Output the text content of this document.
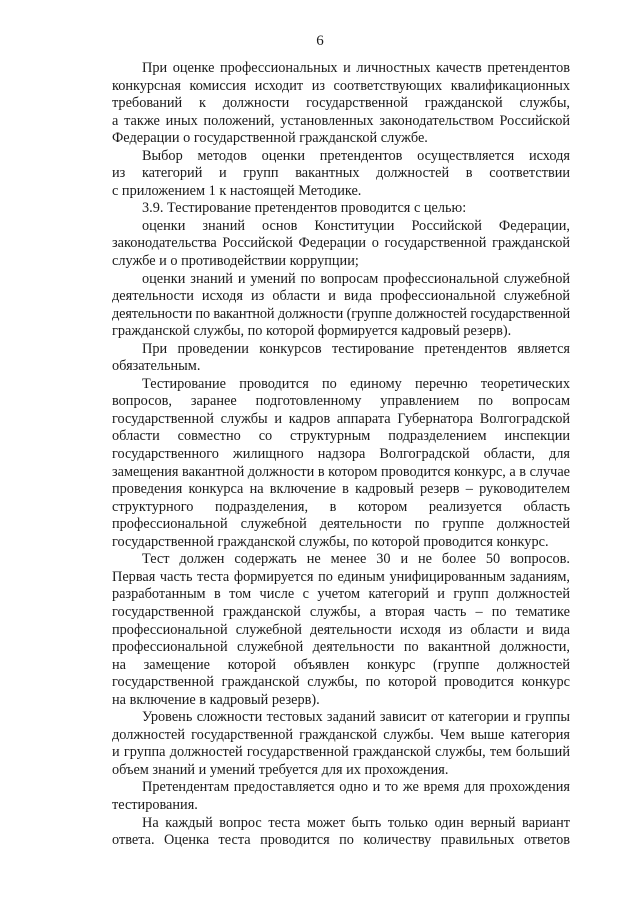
6
При оценке профессиональных и личностных качеств претендентов
конкурсная комиссия исходит из соответствующих квалификационных
требований к должности государственной гражданской службы,
а также иных положений, установленных законодательством Российской
Федерации о государственной гражданской службе.
Выбор методов оценки претендентов осуществляется исходя
из категорий и групп вакантных должностей в соответствии
с приложением 1 к настоящей Методике.
3.9. Тестирование претендентов проводится с целью:
оценки знаний основ Конституции Российской Федерации,
законодательства Российской Федерации о государственной гражданской
службе и о противодействии коррупции;
оценки знаний и умений по вопросам профессиональной служебной
деятельности исходя из области и вида профессиональной служебной
деятельности по вакантной должности (группе должностей государственной
гражданской службы, по которой формируется кадровый резерв).
При проведении конкурсов тестирование претендентов является
обязательным.
Тестирование проводится по единому перечню теоретических
вопросов, заранее подготовленному управлением по вопросам
государственной службы и кадров аппарата Губернатора Волгоградской
области совместно со структурным подразделением инспекции
государственного жилищного надзора Волгоградской области, для
замещения вакантной должности в котором проводится конкурс, а в случае
проведения конкурса на включение в кадровый резерв – руководителем
структурного подразделения, в котором реализуется область
профессиональной служебной деятельности по группе должностей
государственной гражданской службы, по которой проводится конкурс.
Тест должен содержать не менее 30 и не более 50 вопросов.
Первая часть теста формируется по единым унифицированным заданиям,
разработанным в том числе с учетом категорий и групп должностей
государственной гражданской службы, а вторая часть – по тематике
профессиональной служебной деятельности исходя из области и вида
профессиональной служебной деятельности по вакантной должности,
на замещение которой объявлен конкурс (группе должностей
государственной гражданской службы, по которой проводится конкурс
на включение в кадровый резерв).
Уровень сложности тестовых заданий зависит от категории и группы
должностей государственной гражданской службы. Чем выше категория
и группа должностей государственной гражданской службы, тем больший
объем знаний и умений требуется для их прохождения.
Претендентам предоставляется одно и то же время для прохождения
тестирования.
На каждый вопрос теста может быть только один верный вариант
ответа. Оценка теста проводится по количеству правильных ответов
